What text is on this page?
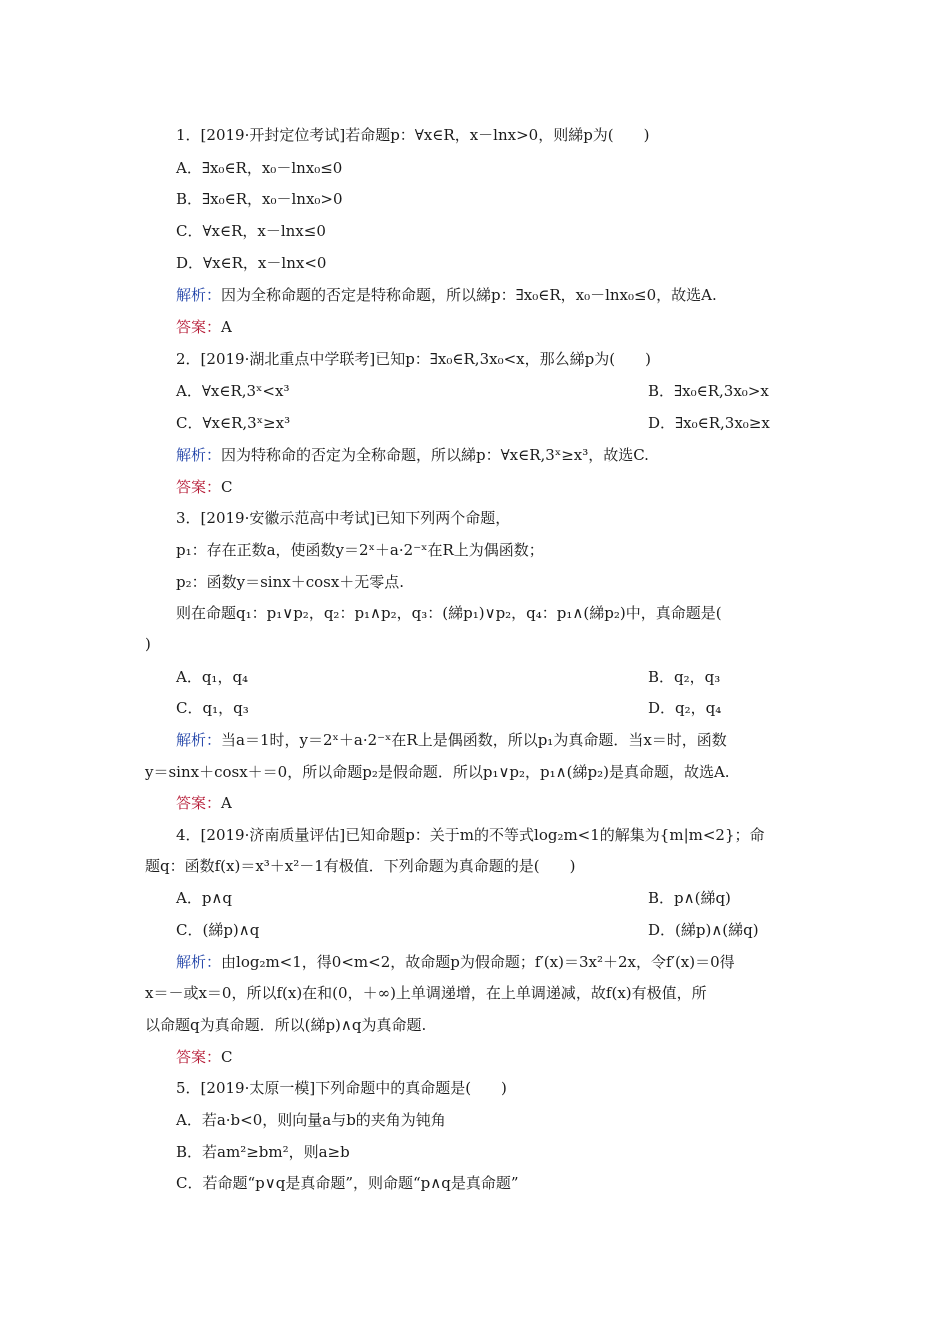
1．[2019·开封定位考试]若命题p：∀x∈R，x－lnx>0，则綈p为(　　)
A．∃x₀∈R，x₀－lnx₀≤0
B．∃x₀∈R，x₀－lnx₀>0
C．∀x∈R，x－lnx≤0
D．∀x∈R，x－lnx<0
解析：因为全称命题的否定是特称命题，所以綈p：∃x₀∈R，x₀－lnx₀≤0，故选A.
答案：A
2．[2019·湖北重点中学联考]已知p：∃x₀∈R,3x₀<x，那么綈p为(　　)
A．∀x∈R,3ˣ<x³	B．∃x₀∈R,3x₀>x
C．∀x∈R,3ˣ≥x³	D．∃x₀∈R,3x₀≥x
解析：因为特称命的否定为全称命题，所以綈p：∀x∈R,3ˣ≥x³，故选C.
答案：C
3．[2019·安徽示范高中考试]已知下列两个命题，
p₁：存在正数a，使函数y＝2ˣ＋a·2⁻ˣ在R上为偶函数；
p₂：函数y＝sinx＋cosx＋无零点.
则在命题q₁：p₁∨p₂，q₂：p₁∧p₂，q₃：(綈p₁)∨p₂，q₄：p₁∧(綈p₂)中，真命题是(
)
A．q₁，q₄	B．q₂，q₃
C．q₁，q₃	D．q₂，q₄
解析：当a＝1时，y＝2ˣ＋a·2⁻ˣ在R上是偶函数，所以p₁为真命题．当x＝时，函数
y＝sinx＋cosx＋＝0，所以命题p₂是假命题．所以p₁∨p₂，p₁∧(綈p₂)是真命题，故选A.
答案：A
4．[2019·济南质量评估]已知命题p：关于m的不等式log₂m<1的解集为{m|m<2}；命
题q：函数f(x)＝x³＋x²－1有极值．下列命题为真命题的是(　　)
A．p∧q	B．p∧(綈q)
C．(綈p)∧q	D．(綈p)∧(綈q)
解析：由log₂m<1，得0<m<2，故命题p为假命题；f′(x)＝3x²＋2x，令f′(x)＝0得
x＝－或x＝0，所以f(x)在和(0，＋∞)上单调递增，在上单调递减，故f(x)有极值，所
以命题q为真命题．所以(綈p)∧q为真命题.
答案：C
5．[2019·太原一模]下列命题中的真命题是(　　)
A．若a·b<0，则向量a与b的夹角为钝角
B．若am²≥bm²，则a≥b
C．若命题“p∨q是真命题”，则命题“p∧q是真命题”
